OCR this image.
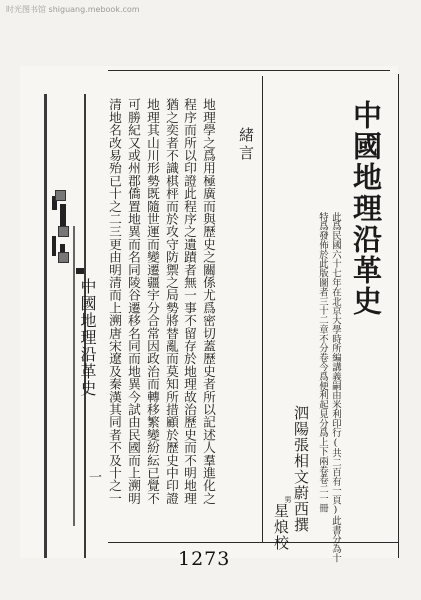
时光图书馆 shiguang.mebook.com
中國地理沿革史
此爲民國六十七年在北京大學時所編講義嗣由米利印行(共二百有一頁)此書分為十
特爲發佈於此版圖者三十二章不分卷今爲便利起見分爲上下兩卷卷二一冊
泗陽張相文蔚西撰
男
星烺校
緒言
地理學之爲用極廣而與歷史之關係尤爲密切蓋歷史者所以記述人羣進化之
程序而所以印證此程序之遺蹟者無一事不留存於地理故治歷史而不明地理
猶之奕者不識棋枰而於攻守防禦之局勢將替亂而莫知所措顧於歷史中印證
地理其山川形勢既隨世運而變遷疆宇分合常因政治而轉移繁變紛紜已覺不
可勝紀又或州郡僑置地異而名同陵谷遷移名同而地異今試由民國而上溯明
清地名改易殆已十之二三更由明清而上溯唐宋遼及秦漢其同者不及十之一
中國地理沿革史
一
1273
